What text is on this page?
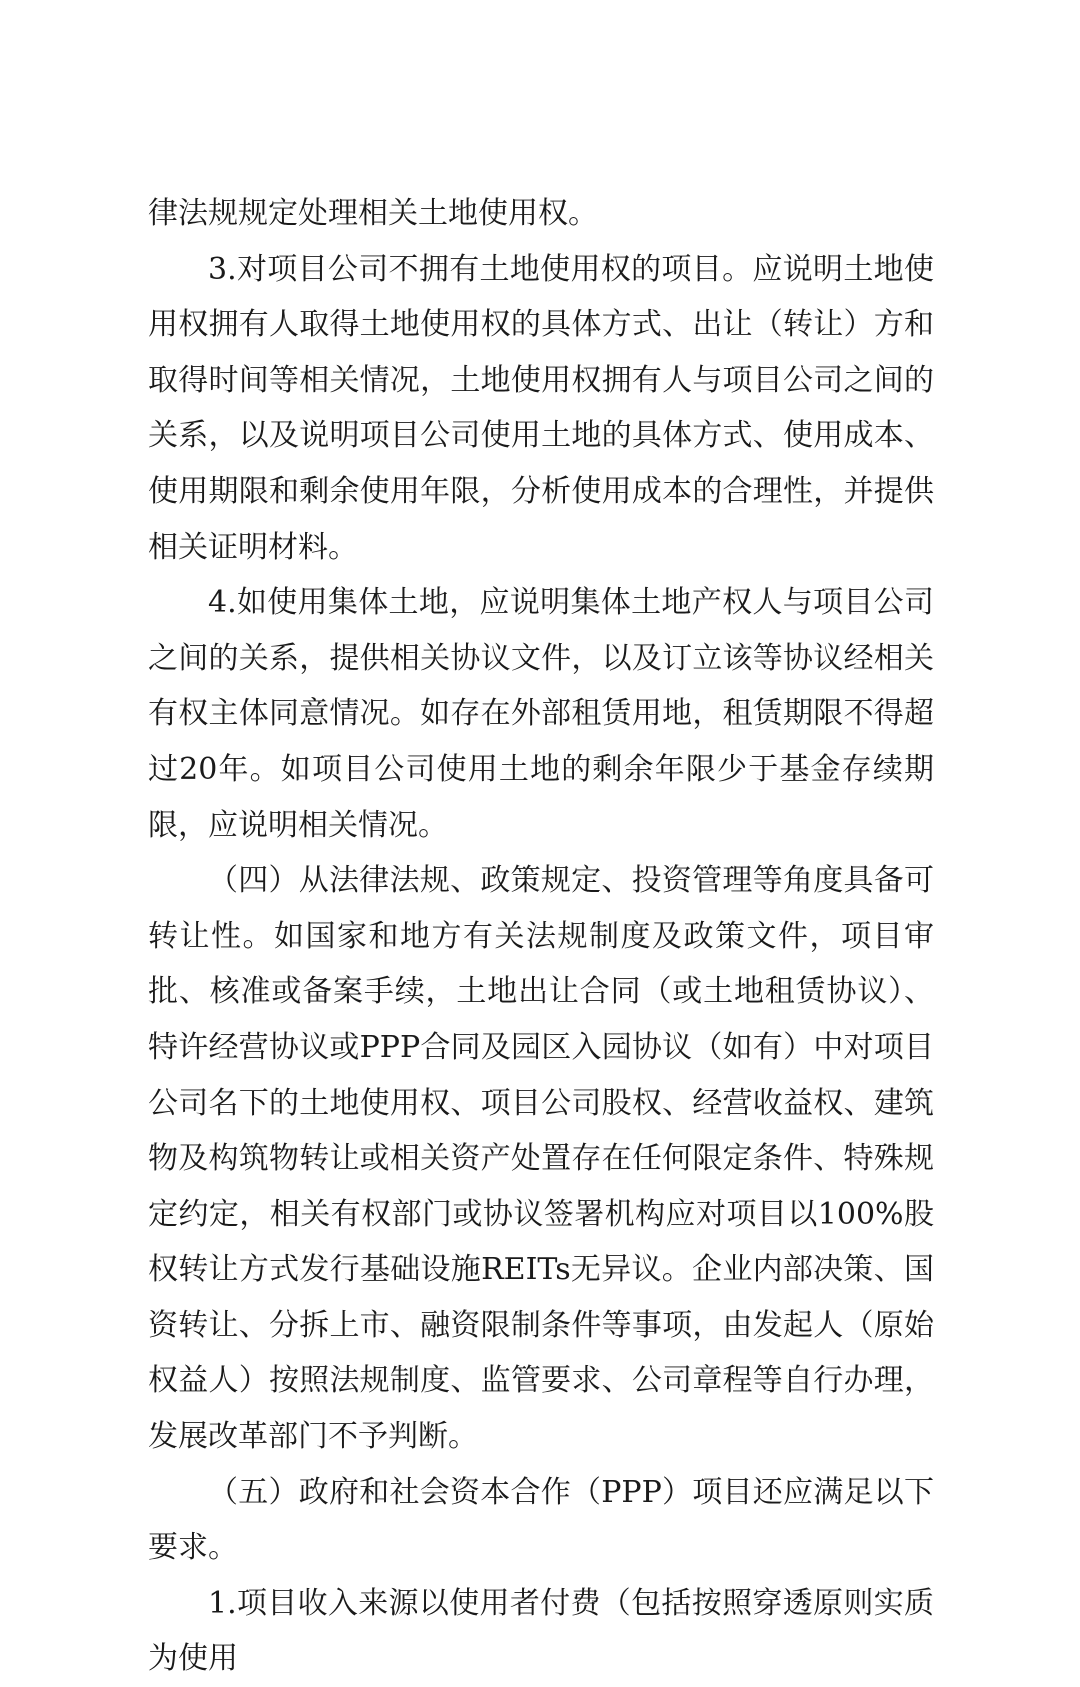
律法规规定处理相关土地使用权。

3.对项目公司不拥有土地使用权的项目。应说明土地使用权拥有人取得土地使用权的具体方式、出让（转让）方和取得时间等相关情况，土地使用权拥有人与项目公司之间的关系，以及说明项目公司使用土地的具体方式、使用成本、使用期限和剩余使用年限，分析使用成本的合理性，并提供相关证明材料。

4.如使用集体土地，应说明集体土地产权人与项目公司之间的关系，提供相关协议文件，以及订立该等协议经相关有权主体同意情况。如存在外部租赁用地，租赁期限不得超过20年。如项目公司使用土地的剩余年限少于基金存续期限，应说明相关情况。

（四）从法律法规、政策规定、投资管理等角度具备可转让性。如国家和地方有关法规制度及政策文件，项目审批、核准或备案手续，土地出让合同（或土地租赁协议）、特许经营协议或PPP合同及园区入园协议（如有）中对项目公司名下的土地使用权、项目公司股权、经营收益权、建筑物及构筑物转让或相关资产处置存在任何限定条件、特殊规定约定，相关有权部门或协议签署机构应对项目以100%股权转让方式发行基础设施REITs无异议。企业内部决策、国资转让、分拆上市、融资限制条件等事项，由发起人（原始权益人）按照法规制度、监管要求、公司章程等自行办理，发展改革部门不予判断。

（五）政府和社会资本合作（PPP）项目还应满足以下要求。

1.项目收入来源以使用者付费（包括按照穿透原则实质为使用
